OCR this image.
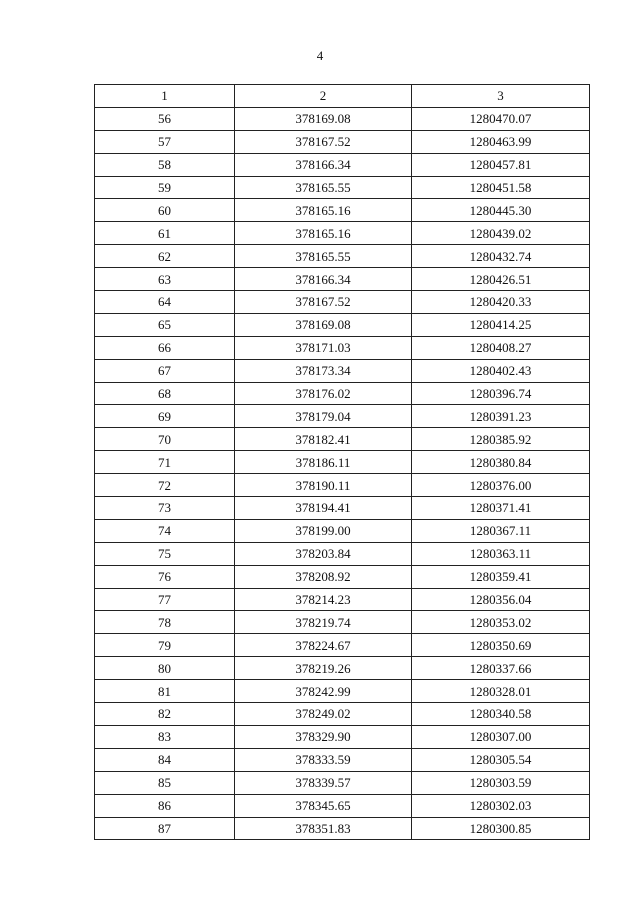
4
1	2	3
56	378169.08	1280470.07
57	378167.52	1280463.99
58	378166.34	1280457.81
59	378165.55	1280451.58
60	378165.16	1280445.30
61	378165.16	1280439.02
62	378165.55	1280432.74
63	378166.34	1280426.51
64	378167.52	1280420.33
65	378169.08	1280414.25
66	378171.03	1280408.27
67	378173.34	1280402.43
68	378176.02	1280396.74
69	378179.04	1280391.23
70	378182.41	1280385.92
71	378186.11	1280380.84
72	378190.11	1280376.00
73	378194.41	1280371.41
74	378199.00	1280367.11
75	378203.84	1280363.11
76	378208.92	1280359.41
77	378214.23	1280356.04
78	378219.74	1280353.02
79	378224.67	1280350.69
80	378219.26	1280337.66
81	378242.99	1280328.01
82	378249.02	1280340.58
83	378329.90	1280307.00
84	378333.59	1280305.54
85	378339.57	1280303.59
86	378345.65	1280302.03
87	378351.83	1280300.85
